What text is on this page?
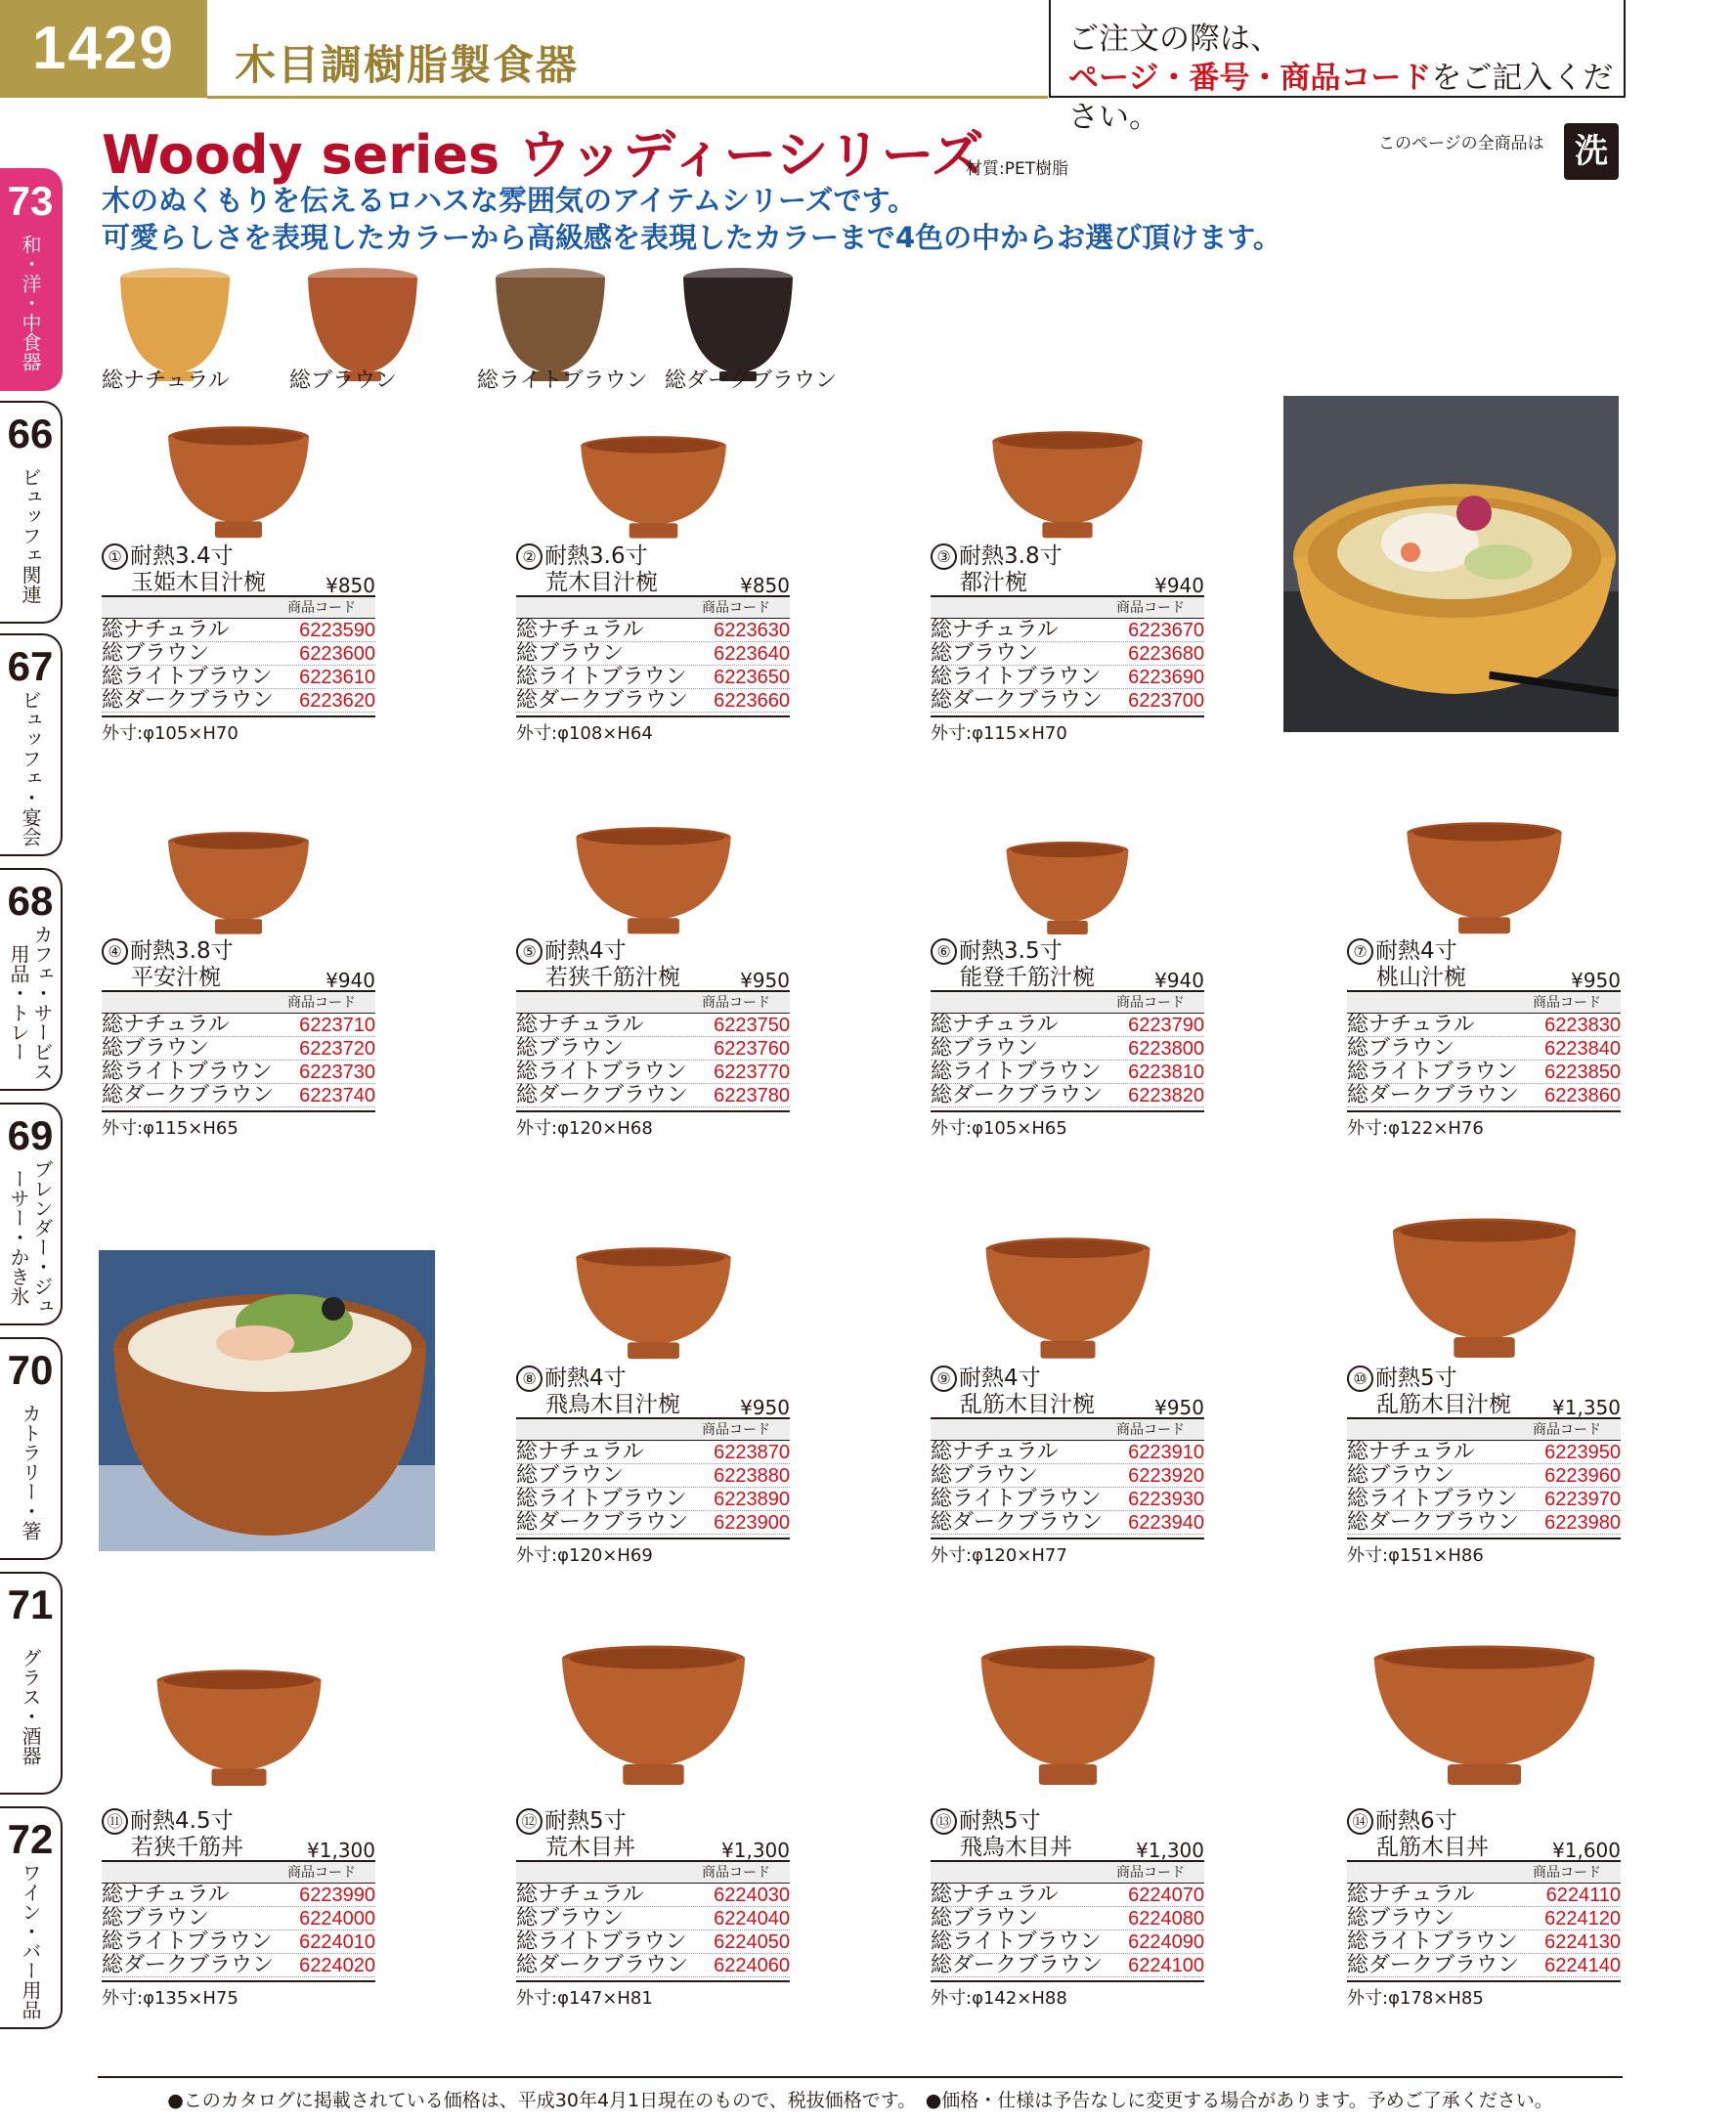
1429	木目調樹脂製食器
ご注文の際は、
ページ・番号・商品コードをご記入ください。
73
和・洋・中食器
66
ビュッフェ関連
67
ビュッフェ・宴会
68
カフェ・サービス用品・トレー
69
ブレンダー・ジューサー・かき氷
70
カトラリー・箸
71
グラス・酒器
72
ワイン・バー用品
Woody series ウッディーシリーズ
材質:PET樹脂
このページの全商品は 洗
木のぬくもりを伝えるロハスな雰囲気のアイテムシリーズです。
可愛らしさを表現したカラーから高級感を表現したカラーまで4色の中からお選び頂けます。
総ナチュラル	総ブラウン	総ライトブラウン 総ダークブラウン
① 耐熱3.4寸
玉姫木目汁椀	¥850
商品コード
総ナチュラル	6223590
総ブラウン	6223600
総ライトブラウン 6223610
総ダークブラウン 6223620
外寸:φ105×H70
② 耐熱3.6寸
荒木目汁椀	¥850
商品コード
総ナチュラル	6223630
総ブラウン	6223640
総ライトブラウン 6223650
総ダークブラウン 6223660
外寸:φ108×H64
③ 耐熱3.8寸
都汁椀	¥940
商品コード
総ナチュラル	6223670
総ブラウン	6223680
総ライトブラウン 6223690
総ダークブラウン 6223700
外寸:φ115×H70
④ 耐熱3.8寸
平安汁椀	¥940
商品コード
総ナチュラル	6223710
総ブラウン	6223720
総ライトブラウン 6223730
総ダークブラウン 6223740
外寸:φ115×H65
⑤ 耐熱4寸
若狭千筋汁椀	¥950
商品コード
総ナチュラル	6223750
総ブラウン	6223760
総ライトブラウン 6223770
総ダークブラウン 6223780
外寸:φ120×H68
⑥ 耐熱3.5寸
能登千筋汁椀	¥940
商品コード
総ナチュラル	6223790
総ブラウン	6223800
総ライトブラウン 6223810
総ダークブラウン 6223820
外寸:φ105×H65
⑦ 耐熱4寸
桃山汁椀	¥950
商品コード
総ナチュラル	6223830
総ブラウン	6223840
総ライトブラウン 6223850
総ダークブラウン 6223860
外寸:φ122×H76
⑧ 耐熱4寸
飛鳥木目汁椀	¥950
商品コード
総ナチュラル	6223870
総ブラウン	6223880
総ライトブラウン 6223890
総ダークブラウン 6223900
外寸:φ120×H69
⑨ 耐熱4寸
乱筋木目汁椀	¥950
商品コード
総ナチュラル	6223910
総ブラウン	6223920
総ライトブラウン 6223930
総ダークブラウン 6223940
外寸:φ120×H77
⑩ 耐熱5寸
乱筋木目汁椀 ¥1,350
商品コード
総ナチュラル	6223950
総ブラウン	6223960
総ライトブラウン 6223970
総ダークブラウン 6223980
外寸:φ151×H86
⑪ 耐熱4.5寸
若狭千筋丼	¥1,300
商品コード
総ナチュラル	6223990
総ブラウン	6224000
総ライトブラウン 6224010
総ダークブラウン 6224020
外寸:φ135×H75
⑫ 耐熱5寸
荒木目丼	¥1,300
商品コード
総ナチュラル	6224030
総ブラウン	6224040
総ライトブラウン 6224050
総ダークブラウン 6224060
外寸:φ147×H81
⑬ 耐熱5寸
飛鳥木目丼	¥1,300
商品コード
総ナチュラル	6224070
総ブラウン	6224080
総ライトブラウン 6224090
総ダークブラウン 6224100
外寸:φ142×H88
⑭ 耐熱6寸
乱筋木目丼	¥1,600
商品コード
総ナチュラル	6224110
総ブラウン	6224120
総ライトブラウン 6224130
総ダークブラウン 6224140
外寸:φ178×H85
●このカタログに掲載されている価格は、平成30年4月1日現在のもので、税抜価格です。　●価格・仕様は予告なしに変更する場合があります。予めご了承ください。
